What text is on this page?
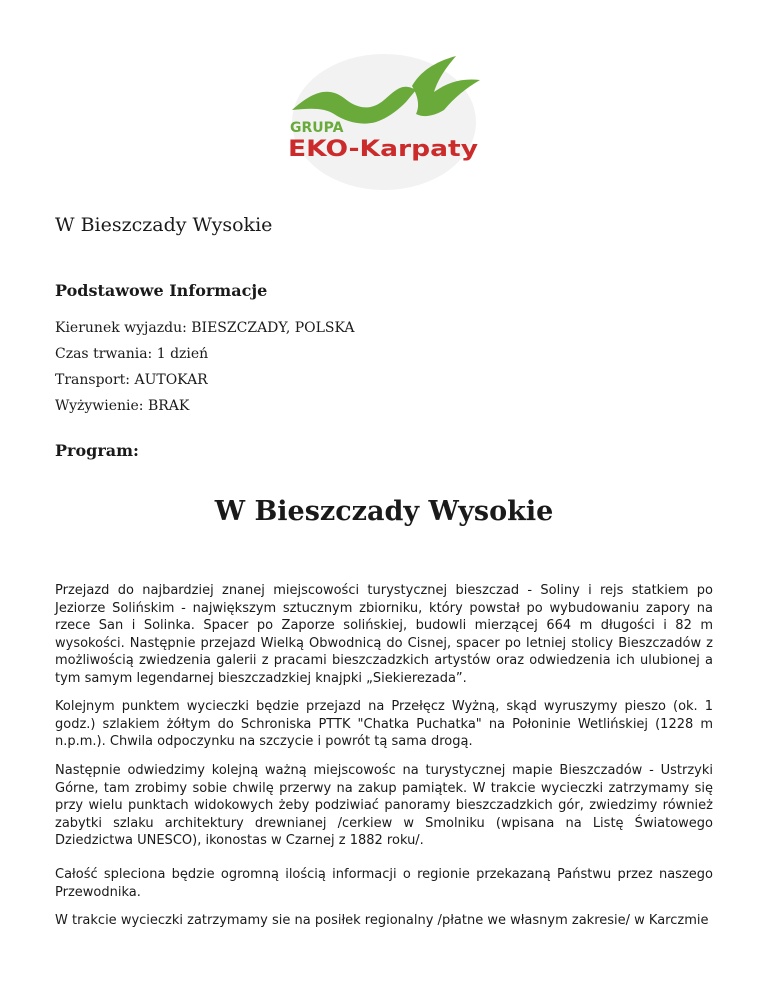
GRUPA
EKO-Karpaty
W Bieszczady Wysokie
Podstawowe Informacje

Kierunek wyjazdu: BIESZCZADY, POLSKA

Czas trwania: 1 dzień

Transport: AUTOKAR

Wyżywienie: BRAK

Program:
W Bieszczady Wysokie

Przejazd do najbardziej znanej miejscowości turystycznej bieszczad - Soliny i rejs statkiem po Jeziorze Solińskim - największym sztucznym zbiorniku, który powstał po wybudowaniu zapory na rzece San i Solinka. Spacer po Zaporze solińskiej, budowli mierzącej 664 m długości i 82 m wysokości. Następnie przejazd Wielką Obwodnicą do Cisnej, spacer po letniej stolicy Bieszczadów z możliwością zwiedzenia galerii z pracami bieszczadzkich artystów oraz odwiedzenia ich ulubionej a tym samym legendarnej bieszczadzkiej knajpki „Siekierezada”.

Kolejnym punktem wycieczki będzie przejazd na Przełęcz Wyżną, skąd wyruszymy pieszo (ok. 1 godz.) szlakiem żółtym do Schroniska PTTK "Chatka Puchatka" na Połoninie Wetlińskiej (1228 m n.p.m.). Chwila odpoczynku na szczycie i powrót tą sama drogą.

Następnie odwiedzimy kolejną ważną miejscowośc na turystycznej mapie Bieszczadów - Ustrzyki Górne, tam zrobimy sobie chwilę przerwy na zakup pamiątek. W trakcie wycieczki zatrzymamy się przy wielu punktach widokowych żeby podziwiać panoramy bieszczadzkich gór, zwiedzimy również zabytki szlaku architektury drewnianej /cerkiew w Smolniku (wpisana na Listę Światowego Dziedzictwa UNESCO), ikonostas w Czarnej z 1882 roku/.

Całość spleciona będzie ogromną ilością informacji o regionie przekazaną Państwu przez naszego Przewodnika.

W trakcie wycieczki zatrzymamy sie na posiłek regionalny /płatne we własnym zakresie/ w Karczmie
